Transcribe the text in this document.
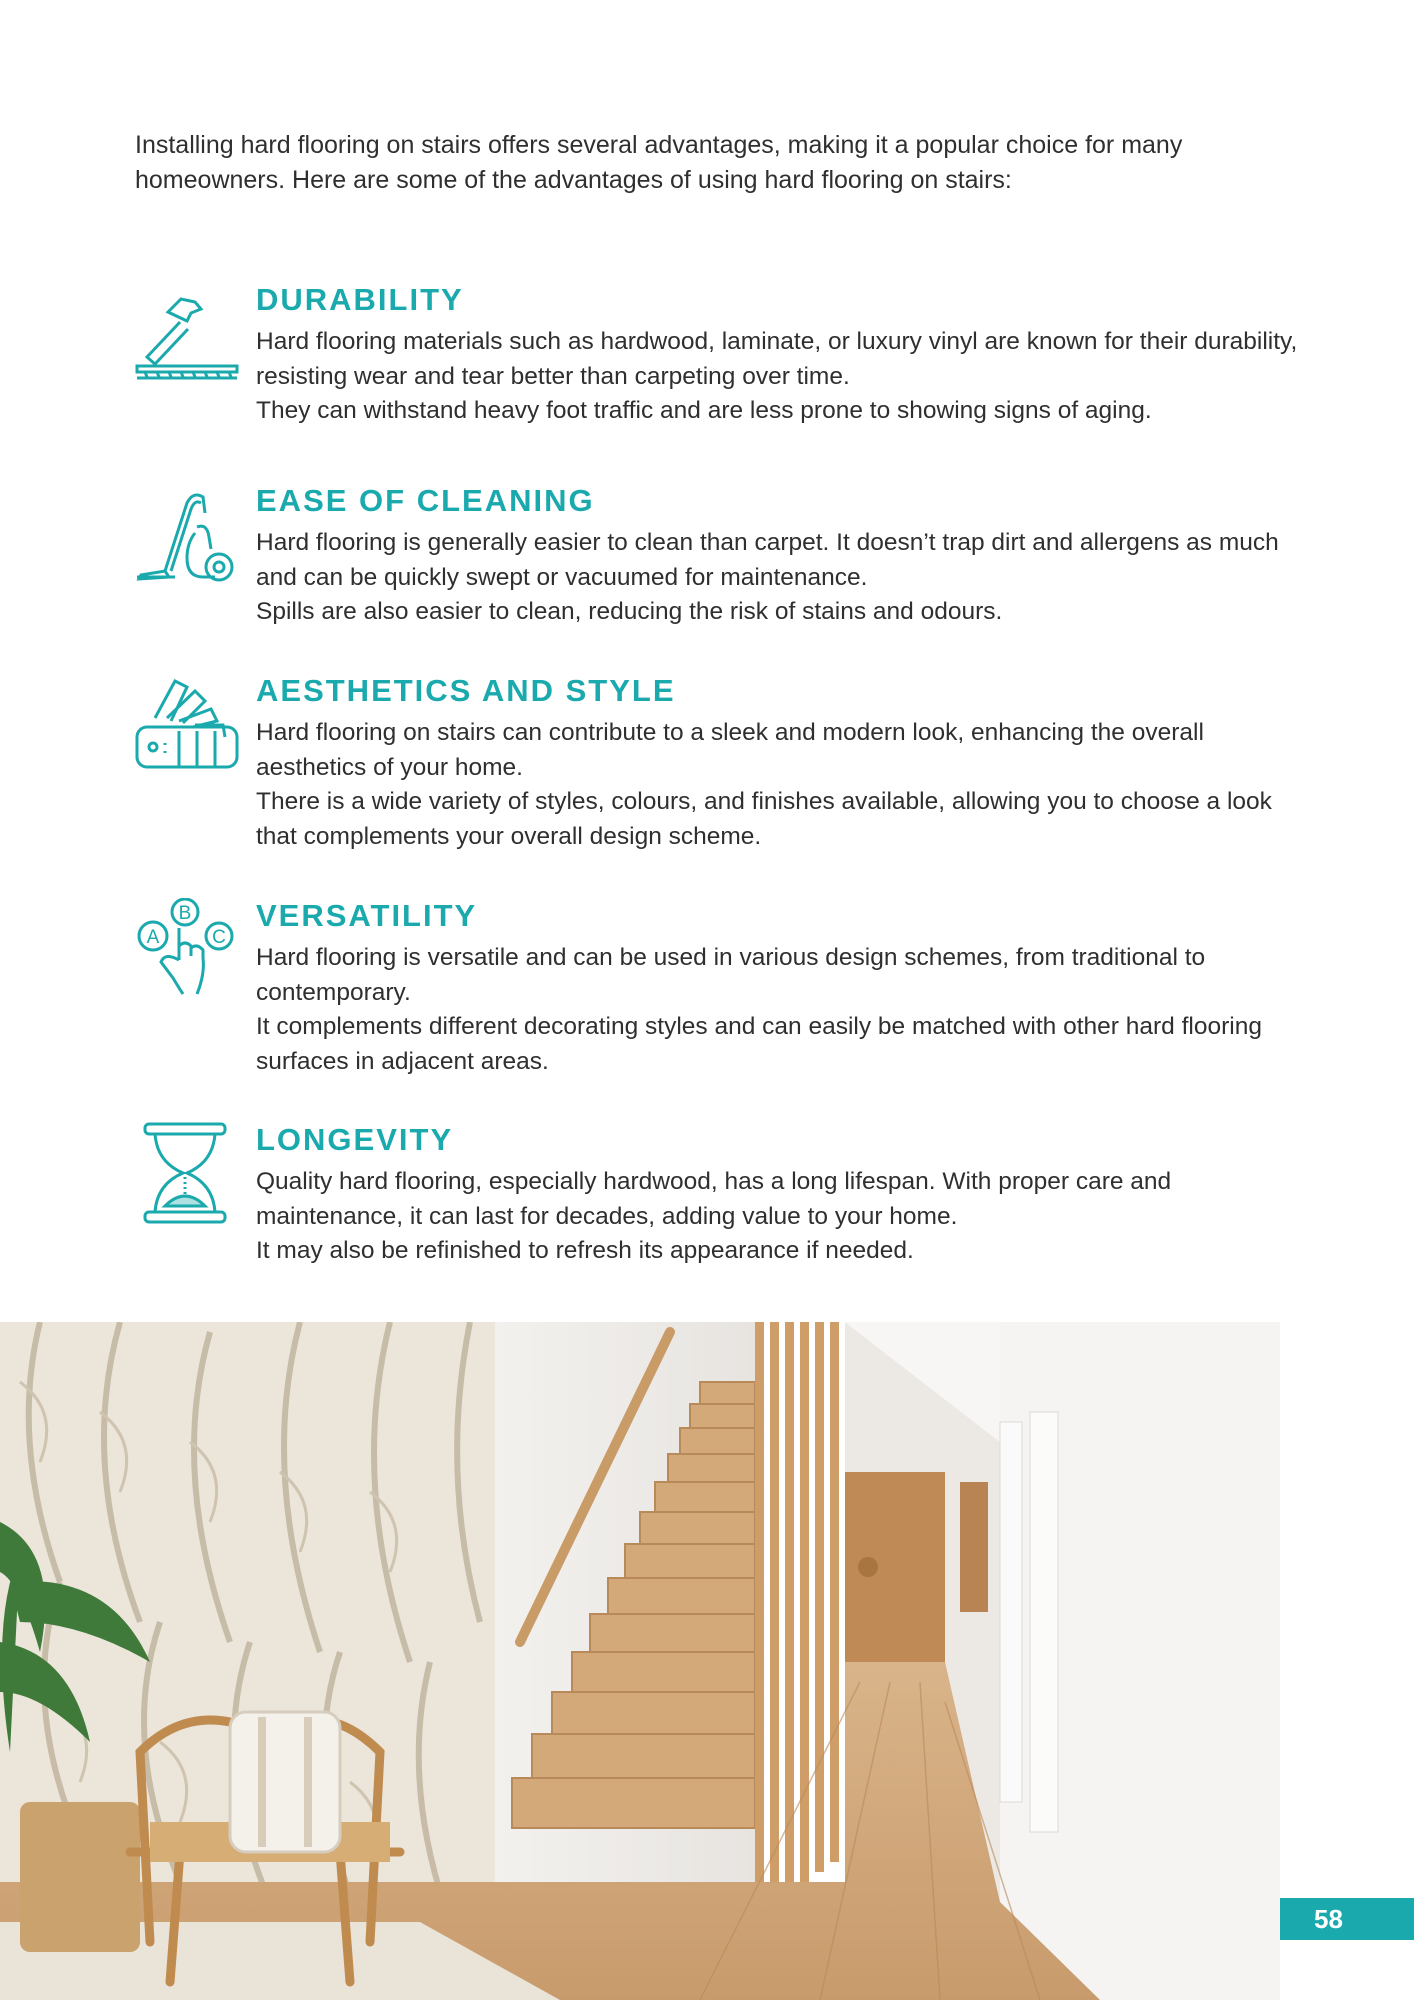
Installing hard flooring on stairs offers several advantages, making it a popular choice for many homeowners. Here are some of the advantages of using hard flooring on stairs:
DURABILITY

Hard flooring materials such as hardwood, laminate, or luxury vinyl are known for their durability, resisting wear and tear better than carpeting over time.

They can withstand heavy foot traffic and are less prone to showing signs of aging.

EASE OF CLEANING

Hard flooring is generally easier to clean than carpet. It doesn’t trap dirt and allergens as much and can be quickly swept or vacuumed for maintenance.

Spills are also easier to clean, reducing the risk of stains and odours.

AESTHETICS AND STYLE

Hard flooring on stairs can contribute to a sleek and modern look, enhancing the overall aesthetics of your home.

There is a wide variety of styles, colours, and finishes available, allowing you to choose a look that complements your overall design scheme.

A
B
C
VERSATILITY

Hard flooring is versatile and can be used in various design schemes, from traditional to contemporary.

It complements different decorating styles and can easily be matched with other hard flooring surfaces in adjacent areas.

LONGEVITY

Quality hard flooring, especially hardwood, has a long lifespan. With proper care and maintenance, it can last for decades, adding value to your home.

It may also be refinished to refresh its appearance if needed.

58
